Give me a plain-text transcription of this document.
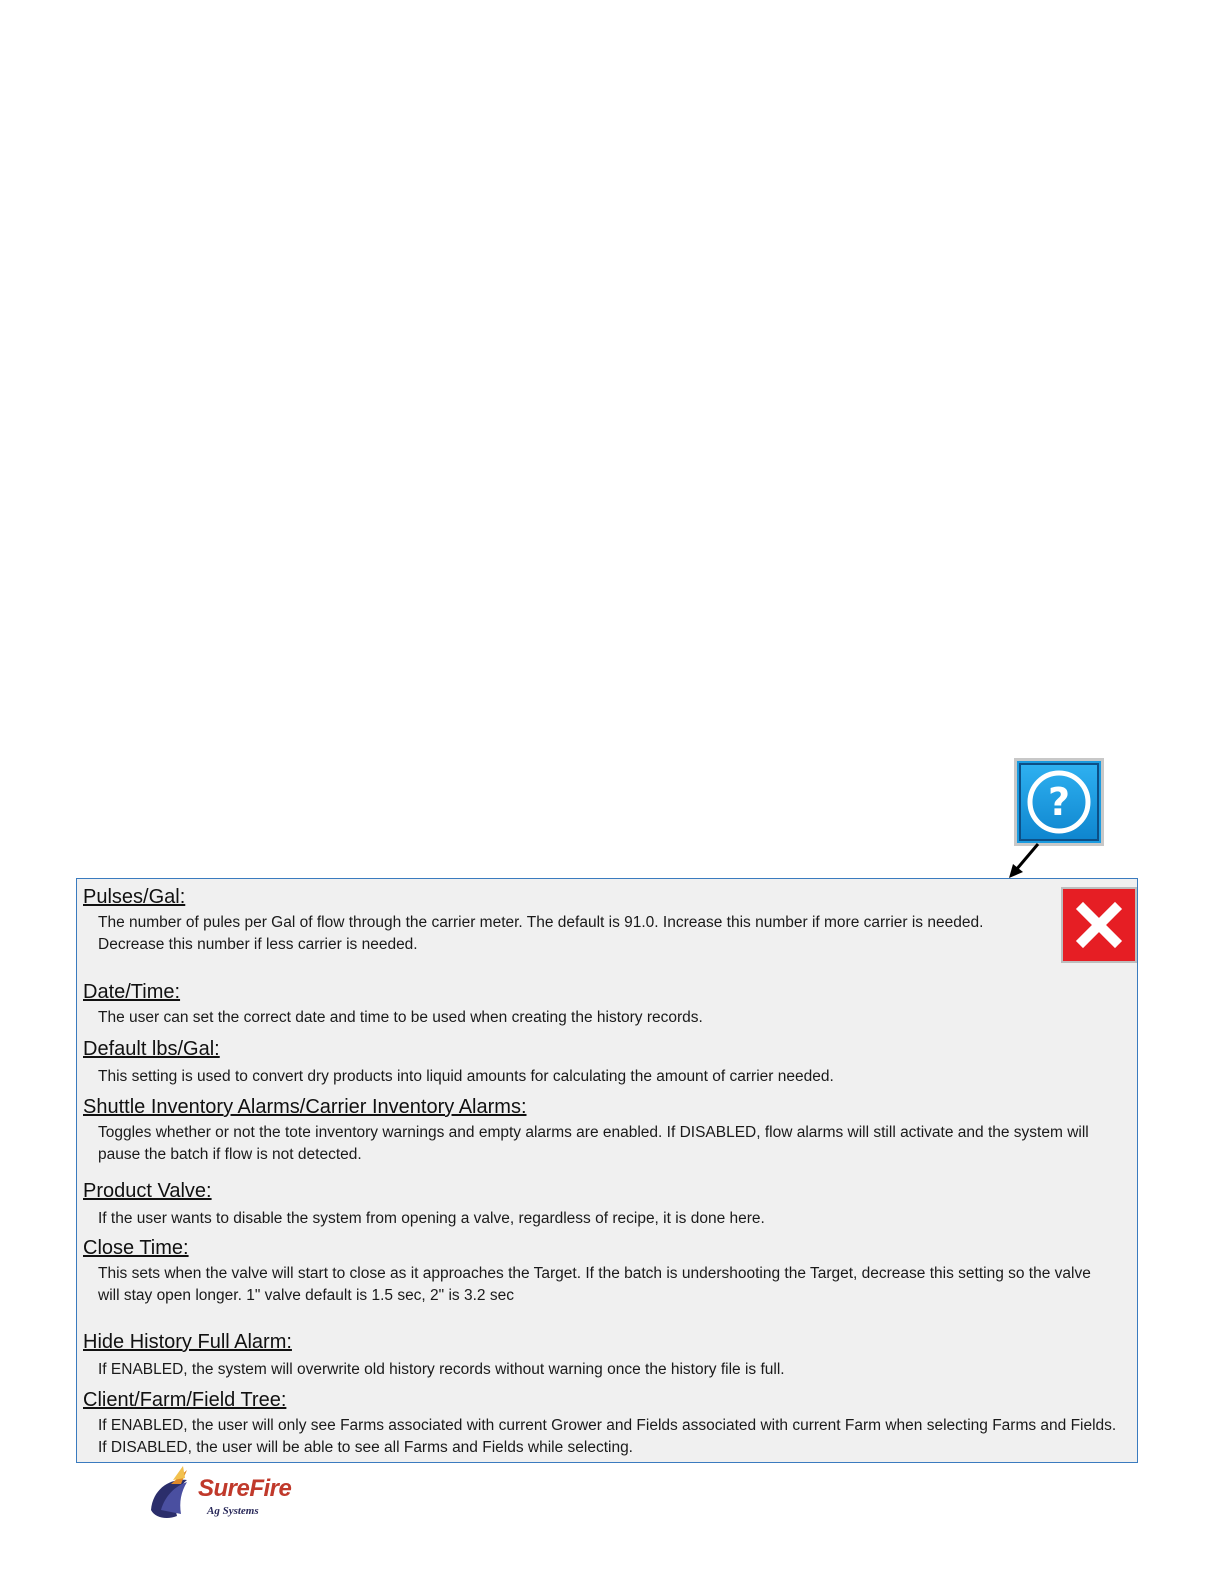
?
Pulses/Gal:

The number of pules per Gal of flow through the carrier meter. The default is 91.0. Increase this number if more carrier is needed.
Decrease this number if less carrier is needed.

Date/Time:

The user can set the correct date and time to be used when creating the history records.

Default lbs/Gal:

This setting is used to convert dry products into liquid amounts for calculating the amount of carrier needed.

Shuttle Inventory Alarms/Carrier Inventory Alarms:

Toggles whether or not the tote inventory warnings and empty alarms are enabled. If DISABLED, flow alarms will still activate and the system will
pause the batch if flow is not detected.

Product Valve:

If the user wants to disable the system from opening a valve, regardless of recipe, it is done here.

Close Time:

This sets when the valve will start to close as it approaches the Target. If the batch is undershooting the Target, decrease this setting so the valve
will stay open longer. 1" valve default is 1.5 sec, 2" is 3.2 sec

Hide History Full Alarm:

If ENABLED, the system will overwrite old history records without warning once the history file is full.

Client/Farm/Field Tree:

If ENABLED, the user will only see Farms associated with current Grower and Fields associated with current Farm when selecting Farms and Fields.
If DISABLED, the user will be able to see all Farms and Fields while selecting.

SureFire
Ag Systems
